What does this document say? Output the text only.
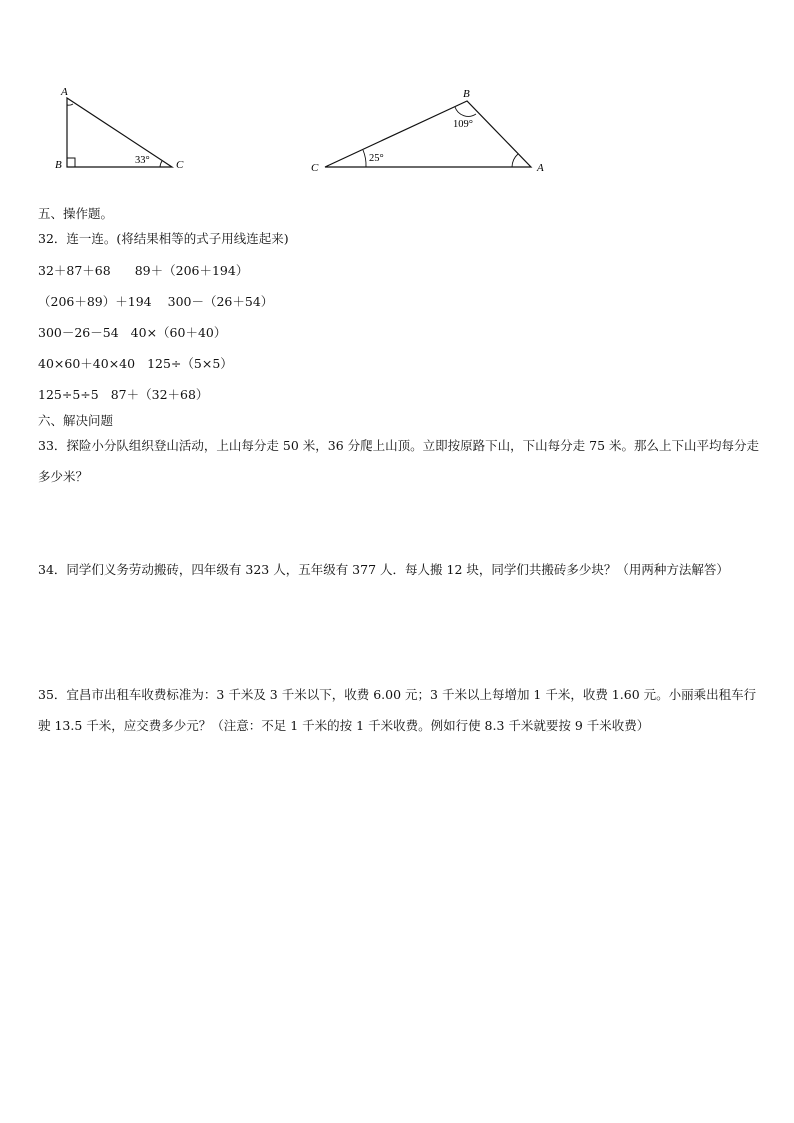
A
B	C
33°
B
C	A
109°
25°
五、操作题。
32．连一连。(将结果相等的式子用线连起来)
32＋87＋68 89＋（206＋194）
（206＋89）＋194 300－（26＋54）
300－26－54 40×（60＋40）
40×60＋40×40 125÷（5×5）
125÷5÷5 87＋（32＋68）
六、解决问题
33．探险小分队组织登山活动，上山每分走 50 米，36 分爬上山顶。立即按原路下山，下山每分走 75 米。那么上下山平均每分走多少米？
34．同学们义务劳动搬砖，四年级有 323 人，五年级有 377 人．每人搬 12 块，同学们共搬砖多少块？（用两种方法解答）
35．宜昌市出租车收费标准为：3 千米及 3 千米以下，收费 6.00 元；3 千米以上每增加 1 千米，收费 1.60 元。小丽乘出租车行驶 13.5 千米，应交费多少元？（注意：不足 1 千米的按 1 千米收费。例如行使 8.3 千米就要按 9 千米收费）
